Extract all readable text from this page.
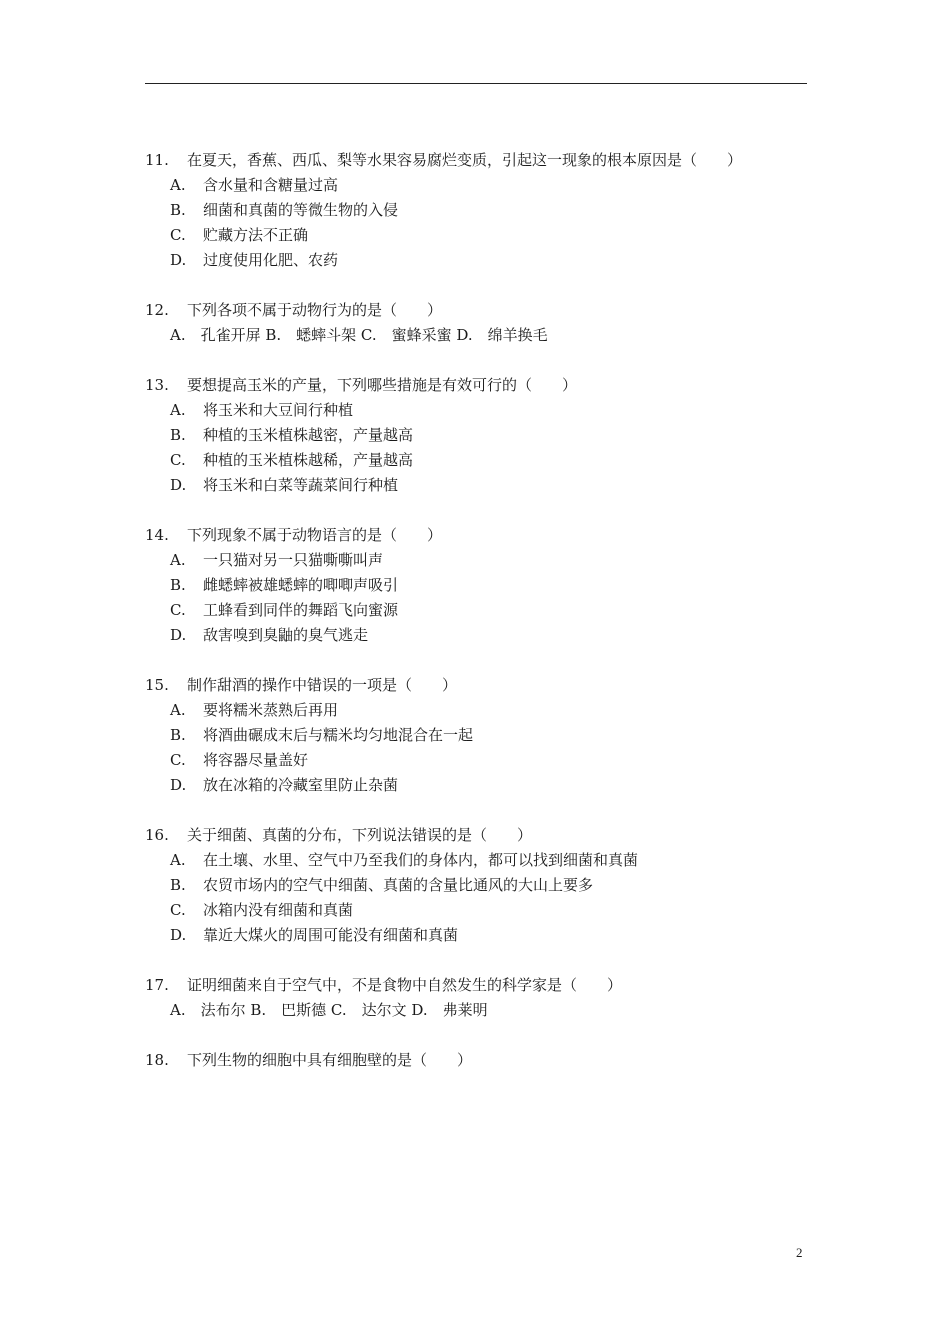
11. 在夏天，香蕉、西瓜、梨等水果容易腐烂变质，引起这一现象的根本原因是（　　）
A. 含水量和含糖量过高
B. 细菌和真菌的等微生物的入侵
C. 贮藏方法不正确
D. 过度使用化肥、农药
12. 下列各项不属于动物行为的是（　　）
A.　孔雀开屏 B.　蟋蟀斗架 C.　蜜蜂采蜜 D.　绵羊换毛
13. 要想提高玉米的产量，下列哪些措施是有效可行的（　　）
A. 将玉米和大豆间行种植
B. 种植的玉米植株越密，产量越高
C. 种植的玉米植株越稀，产量越高
D. 将玉米和白菜等蔬菜间行种植
14. 下列现象不属于动物语言的是（　　）
A. 一只猫对另一只猫嘶嘶叫声
B. 雌蟋蟀被雄蟋蟀的唧唧声吸引
C. 工蜂看到同伴的舞蹈飞向蜜源
D. 敌害嗅到臭鼬的臭气逃走
15. 制作甜酒的操作中错误的一项是（　　）
A. 要将糯米蒸熟后再用
B. 将酒曲碾成末后与糯米均匀地混合在一起
C. 将容器尽量盖好
D. 放在冰箱的冷藏室里防止杂菌
16. 关于细菌、真菌的分布，下列说法错误的是（　　）
A. 在土壤、水里、空气中乃至我们的身体内，都可以找到细菌和真菌
B. 农贸市场内的空气中细菌、真菌的含量比通风的大山上要多
C. 冰箱内没有细菌和真菌
D. 靠近大煤火的周围可能没有细菌和真菌
17. 证明细菌来自于空气中，不是食物中自然发生的科学家是（　　）
A.　法布尔 B.　巴斯德 C.　达尔文 D.　弗莱明
18. 下列生物的细胞中具有细胞壁的是（　　）
2
